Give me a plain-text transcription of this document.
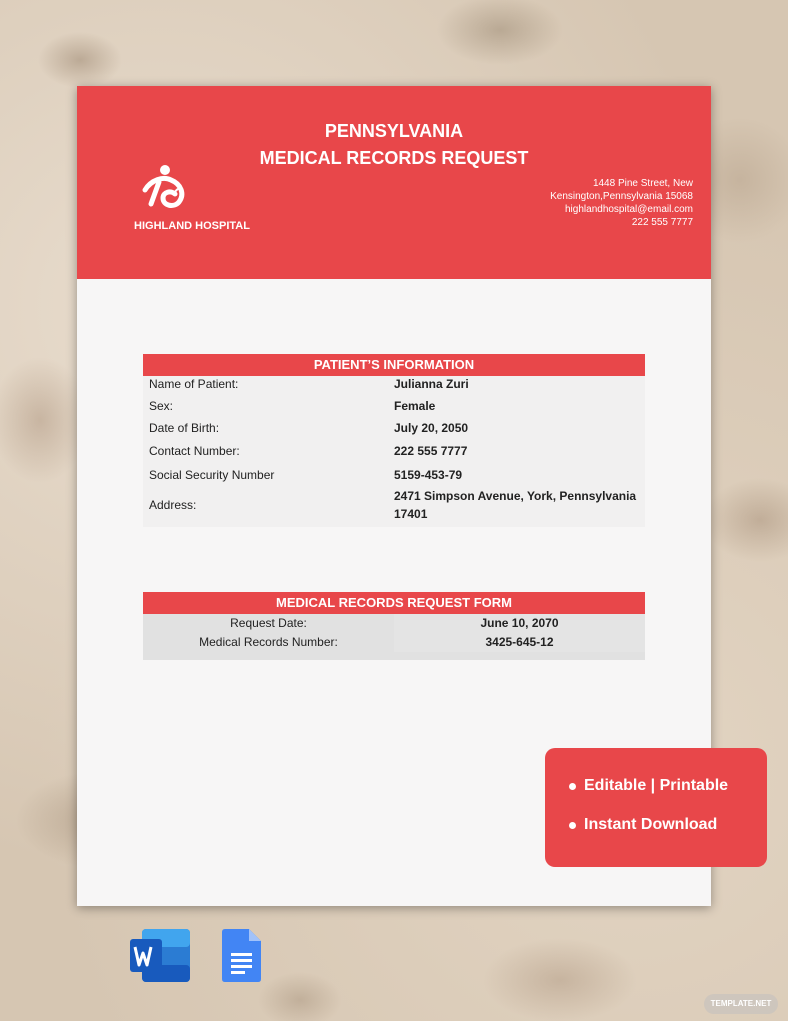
PENNSYLVANIA
MEDICAL RECORDS REQUEST
HIGHLAND HOSPITAL
1448 Pine Street, New
Kensington,Pennsylvania 15068
highlandhospital@email.com
222 555 7777
PATIENT’S INFORMATION
Name of Patient:	Julianna Zuri
Sex:	Female
Date of Birth:	July 20, 2050
Contact Number:	222 555 7777
Social Security Number	5159-453-79
Address:
2471 Simpson Avenue, York, Pennsylvania
17401
MEDICAL RECORDS REQUEST FORM
Request Date:	June 10, 2070
Medical Records Number:	3425-645-12
Editable | Printable
Instant Download
TEMPLATE.NET
